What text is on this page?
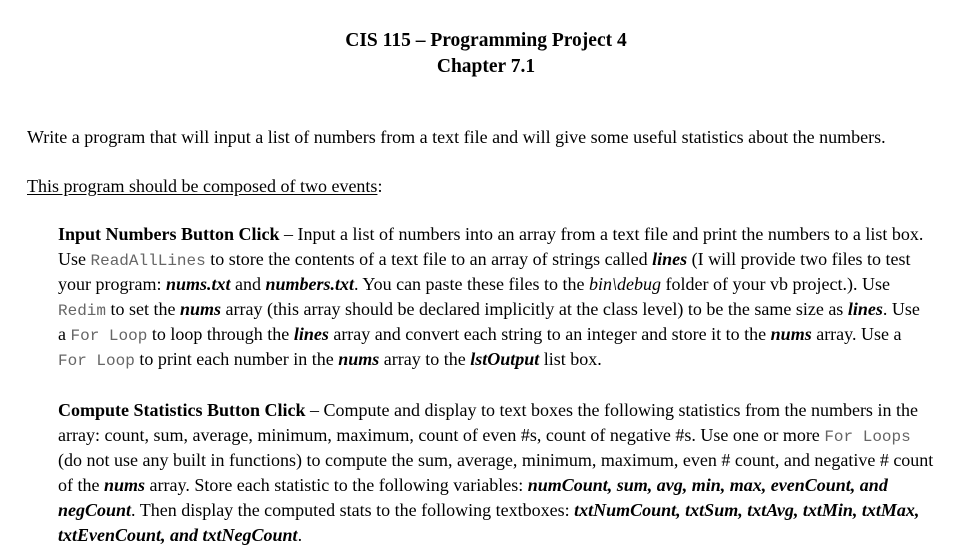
CIS 115 – Programming Project 4
Chapter 7.1
Write a program that will input a list of numbers from a text file and will give some useful statistics about the numbers.
This program should be composed of two events:
Input Numbers Button Click – Input a list of numbers into an array from a text file and print the numbers to a list box.
Use ReadAllLines to store the contents of a text file to an array of strings called lines (I will provide two files to test
your program: nums.txt and numbers.txt. You can paste these files to the bin\debug folder of your vb project.). Use
Redim to set the nums array (this array should be declared implicitly at the class level) to be the same size as lines. Use
a For Loop to loop through the lines array and convert each string to an integer and store it to the nums array. Use a
For Loop to print each number in the nums array to the lstOutput list box.
Compute Statistics Button Click – Compute and display to text boxes the following statistics from the numbers in the
array: count, sum, average, minimum, maximum, count of even #s, count of negative #s. Use one or more For Loops
(do not use any built in functions) to compute the sum, average, minimum, maximum, even # count, and negative # count
of the nums array. Store each statistic to the following variables: numCount, sum, avg, min, max, evenCount, and
negCount. Then display the computed stats to the following textboxes: txtNumCount, txtSum, txtAvg, txtMin, txtMax,
txtEvenCount, and txtNegCount.
